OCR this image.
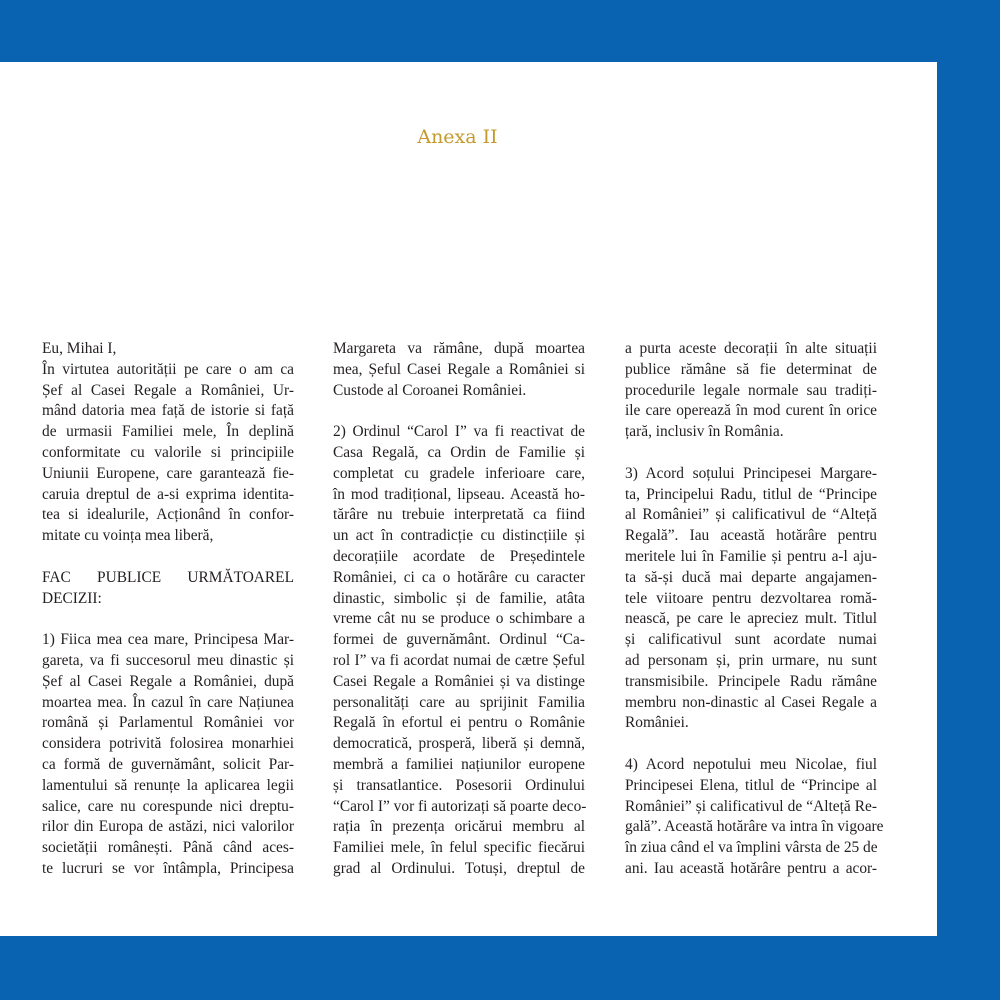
Anexa II
Eu, Mihai I,
În virtutea autorității pe care o am ca
Șef al Casei Regale a României, Ur-
mând datoria mea față de istorie si față
de urmasii Familiei mele, În deplină
conformitate cu valorile si principiile
Uniunii Europene, care garantează fie-
caruia dreptul de a-si exprima identita-
tea si idealurile, Acționând în confor-
mitate cu voința mea liberă,
FAC PUBLICE URMĂTOAREL
DECIZII:
1) Fiica mea cea mare, Principesa Mar-
gareta, va fi succesorul meu dinastic și
Șef al Casei Regale a României, după
moartea mea. În cazul în care Națiunea
română și Parlamentul României vor
considera potrivită folosirea monarhiei
ca formă de guvernământ, solicit Par-
lamentului să renunțe la aplicarea legii
salice, care nu corespunde nici dreptu-
rilor din Europa de astăzi, nici valorilor
societății românești. Până când aces-
te lucruri se vor întâmpla, Principesa
Margareta va rămâne, după moartea
mea, Șeful Casei Regale a României si
Custode al Coroanei României.
2) Ordinul “Carol I” va fi reactivat de
Casa Regală, ca Ordin de Familie și
completat cu gradele inferioare care,
în mod tradițional, lipseau. Această ho-
tărâre nu trebuie interpretată ca fiind
un act în contradicție cu distincțiile și
decorațiile acordate de Președintele
României, ci ca o hotărâre cu caracter
dinastic, simbolic și de familie, atâta
vreme cât nu se produce o schimbare a
formei de guvernământ. Ordinul “Ca-
rol I” va fi acordat numai de cætre Șeful
Casei Regale a României și va distinge
personalități care au sprijinit Familia
Regală în efortul ei pentru o Românie
democratică, prosperă, liberă și demnă,
membră a familiei națiunilor europene
și transatlantice. Posesorii Ordinului
“Carol I” vor fi autorizați să poarte deco-
rația în prezența oricărui membru al
Familiei mele, în felul specific fiecărui
grad al Ordinului. Totuși, dreptul de
a purta aceste decorații în alte situații
publice rămâne să fie determinat de
procedurile legale normale sau tradiți-
ile care operează în mod curent în orice
țară, inclusiv în România.
3) Acord soțului Principesei Margare-
ta, Principelui Radu, titlul de “Principe
al României” și calificativul de “Alteță
Regală”. Iau această hotărâre pentru
meritele lui în Familie și pentru a-l aju-
ta să-și ducă mai departe angajamen-
tele viitoare pentru dezvoltarea romă-
nească, pe care le apreciez mult. Titlul
și calificativul sunt acordate numai
ad personam și, prin urmare, nu sunt
transmisibile. Principele Radu rămâne
membru non-dinastic al Casei Regale a
României.
4) Acord nepotului meu Nicolae, fiul
Principesei Elena, titlul de “Principe al
României” și calificativul de “Alteță Re-
gală”. Această hotărâre va intra în vigoare
în ziua când el va împlini vârsta de 25 de
ani. Iau această hotărâre pentru a acor-
